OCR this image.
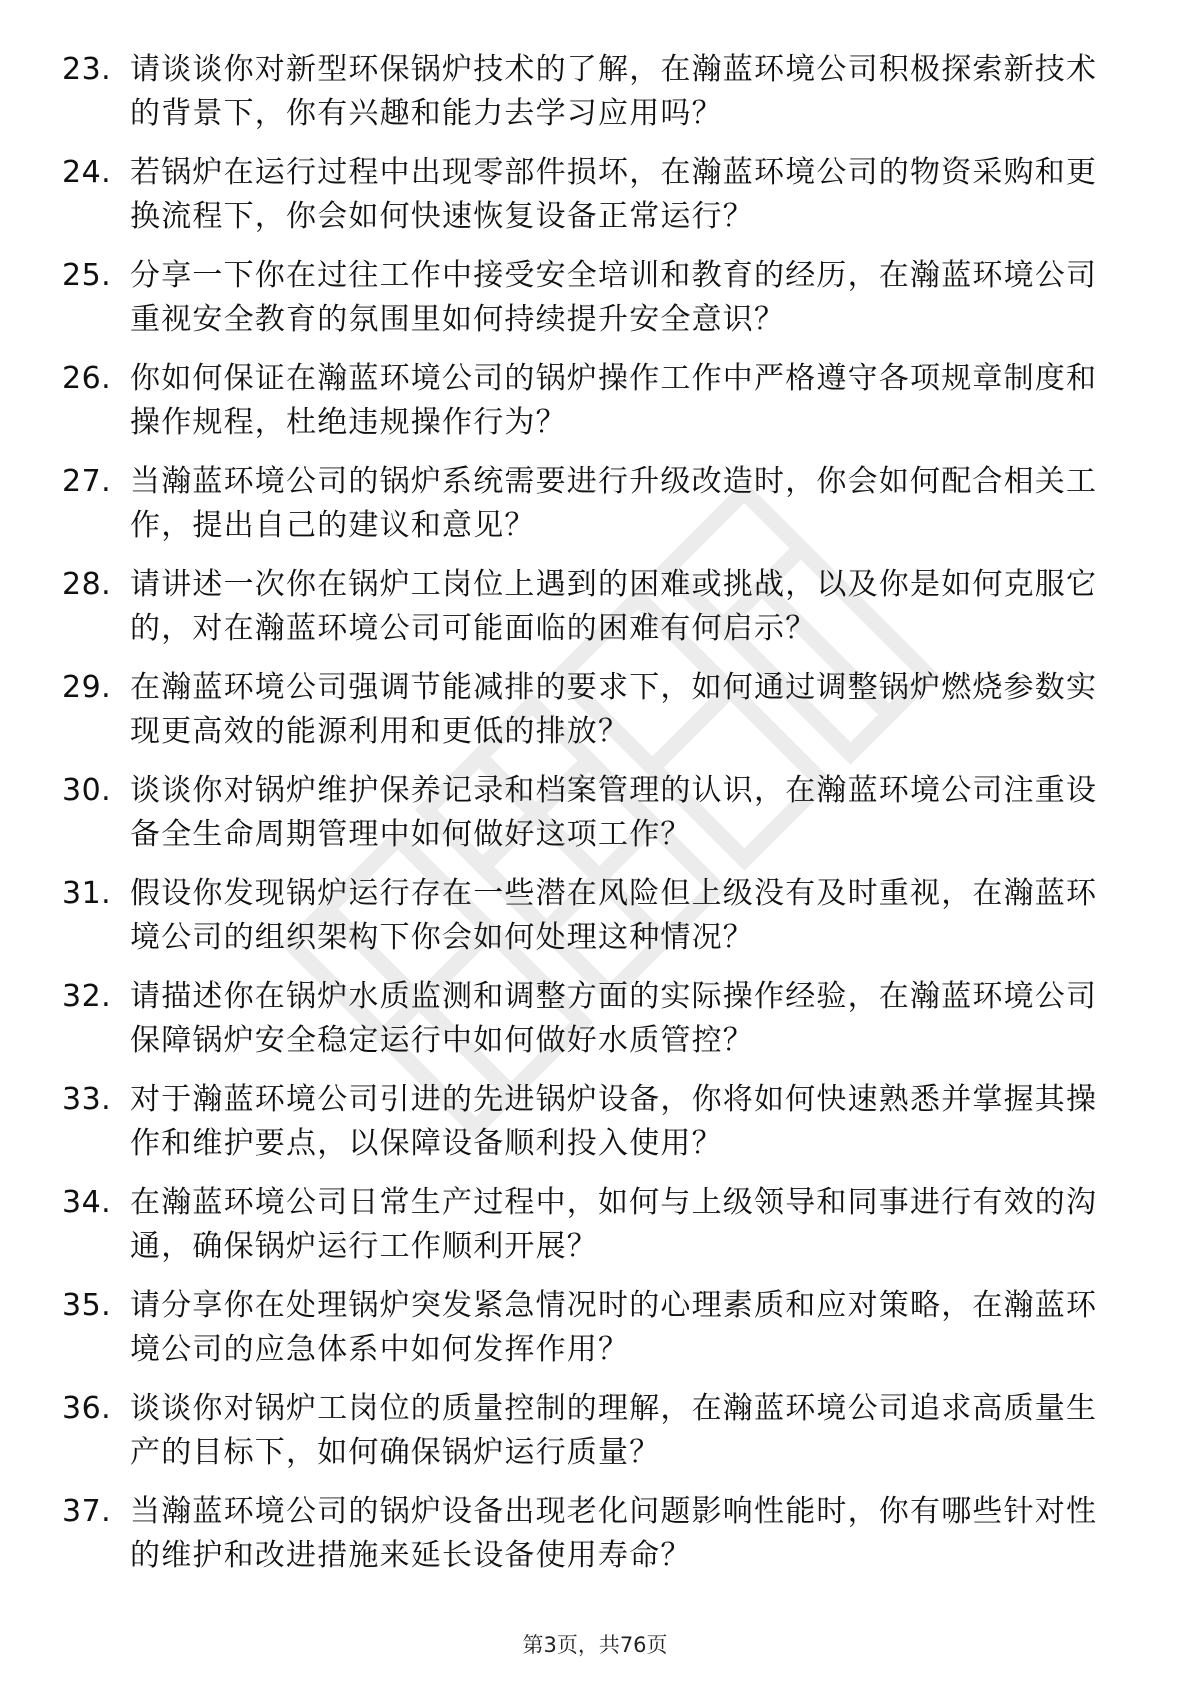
23. 请谈谈你对新型环保锅炉技术的了解，在瀚蓝环境公司积极探索新技术的背景下，你有兴趣和能力去学习应用吗？
24. 若锅炉在运行过程中出现零部件损坏，在瀚蓝环境公司的物资采购和更换流程下，你会如何快速恢复设备正常运行？
25. 分享一下你在过往工作中接受安全培训和教育的经历，在瀚蓝环境公司重视安全教育的氛围里如何持续提升安全意识？
26. 你如何保证在瀚蓝环境公司的锅炉操作工作中严格遵守各项规章制度和操作规程，杜绝违规操作行为？
27. 当瀚蓝环境公司的锅炉系统需要进行升级改造时，你会如何配合相关工作，提出自己的建议和意见？
28. 请讲述一次你在锅炉工岗位上遇到的困难或挑战，以及你是如何克服它的，对在瀚蓝环境公司可能面临的困难有何启示？
29. 在瀚蓝环境公司强调节能减排的要求下，如何通过调整锅炉燃烧参数实现更高效的能源利用和更低的排放？
30. 谈谈你对锅炉维护保养记录和档案管理的认识，在瀚蓝环境公司注重设备全生命周期管理中如何做好这项工作？
31. 假设你发现锅炉运行存在一些潜在风险但上级没有及时重视，在瀚蓝环境公司的组织架构下你会如何处理这种情况？
32. 请描述你在锅炉水质监测和调整方面的实际操作经验，在瀚蓝环境公司保障锅炉安全稳定运行中如何做好水质管控？
33. 对于瀚蓝环境公司引进的先进锅炉设备，你将如何快速熟悉并掌握其操作和维护要点，以保障设备顺利投入使用？
34. 在瀚蓝环境公司日常生产过程中，如何与上级领导和同事进行有效的沟通，确保锅炉运行工作顺利开展？
35. 请分享你在处理锅炉突发紧急情况时的心理素质和应对策略，在瀚蓝环境公司的应急体系中如何发挥作用？
36. 谈谈你对锅炉工岗位的质量控制的理解，在瀚蓝环境公司追求高质量生产的目标下，如何确保锅炉运行质量？
37. 当瀚蓝环境公司的锅炉设备出现老化问题影响性能时，你有哪些针对性的维护和改进措施来延长设备使用寿命？
第3页，共76页
